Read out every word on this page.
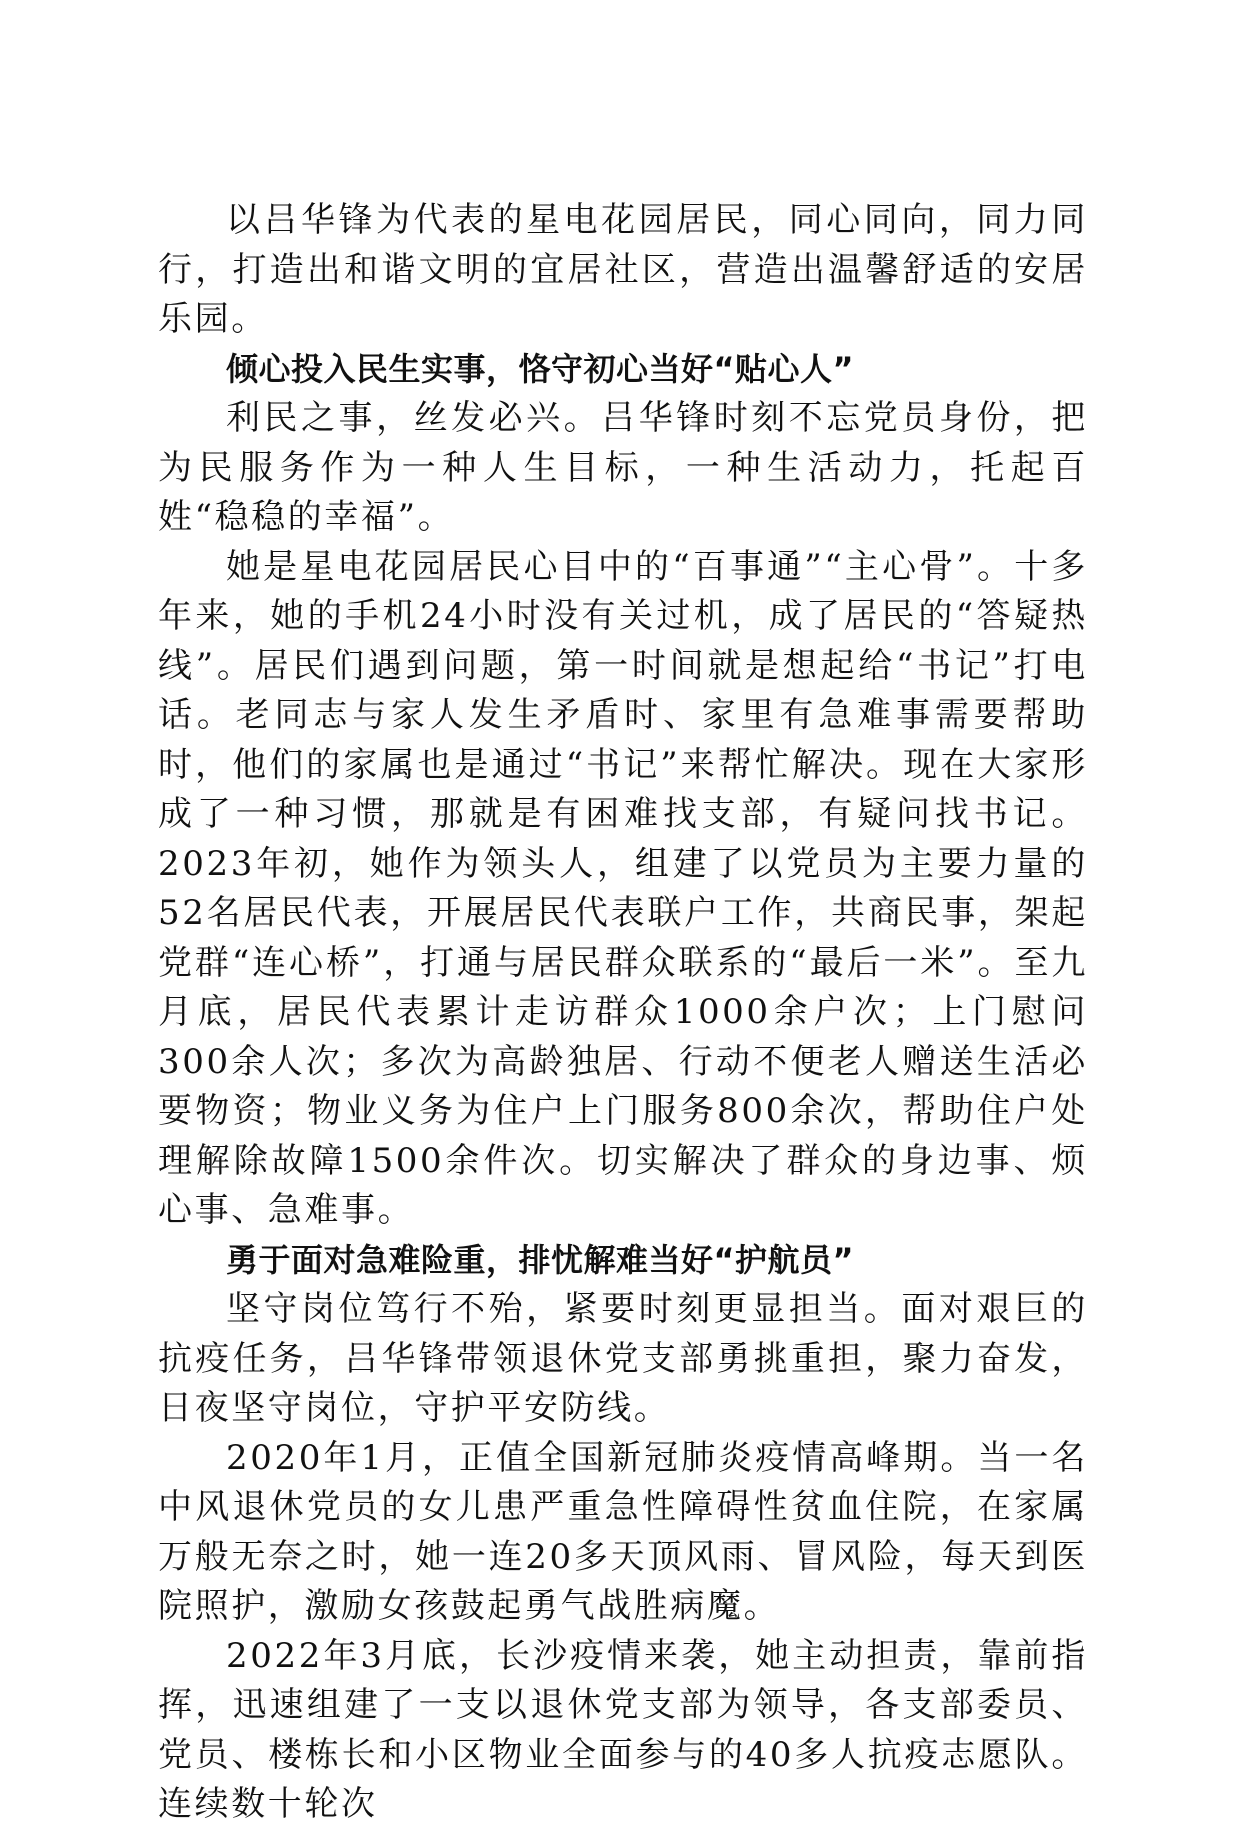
以吕华锋为代表的星电花园居民，同心同向，同力同行，打造出和谐文明的宜居社区，营造出温馨舒适的安居乐园。

倾心投入民生实事，恪守初心当好“贴心人”

利民之事，丝发必兴。吕华锋时刻不忘党员身份，把为民服务作为一种人生目标，一种生活动力，托起百姓“稳稳的幸福”。

她是星电花园居民心目中的“百事通”“主心骨”。十多年来，她的手机24小时没有关过机，成了居民的“答疑热线”。居民们遇到问题，第一时间就是想起给“书记”打电话。老同志与家人发生矛盾时、家里有急难事需要帮助时，他们的家属也是通过“书记”来帮忙解决。现在大家形成了一种习惯，那就是有困难找支部，有疑问找书记。2023年初，她作为领头人，组建了以党员为主要力量的52名居民代表，开展居民代表联户工作，共商民事，架起党群“连心桥”，打通与居民群众联系的“最后一米”。至九月底，居民代表累计走访群众1000余户次；上门慰问 300余人次；多次为高龄独居、行动不便老人赠送生活必要物资；物业义务为住户上门服务800余次，帮助住户处理解除故障1500余件次。切实解决了群众的身边事、烦心事、急难事。

勇于面对急难险重，排忧解难当好“护航员”

坚守岗位笃行不殆，紧要时刻更显担当。面对艰巨的抗疫任务，吕华锋带领退休党支部勇挑重担，聚力奋发，日夜坚守岗位，守护平安防线。

2020年1月，正值全国新冠肺炎疫情高峰期。当一名中风退休党员的女儿患严重急性障碍性贫血住院，在家属万般无奈之时，她一连20多天顶风雨、冒风险，每天到医院照护，激励女孩鼓起勇气战胜病魔。

2022年3月底，长沙疫情来袭，她主动担责，靠前指挥，迅速组建了一支以退休党支部为领导，各支部委员、党员、楼栋长和小区物业全面参与的40多人抗疫志愿队。连续数十轮次
